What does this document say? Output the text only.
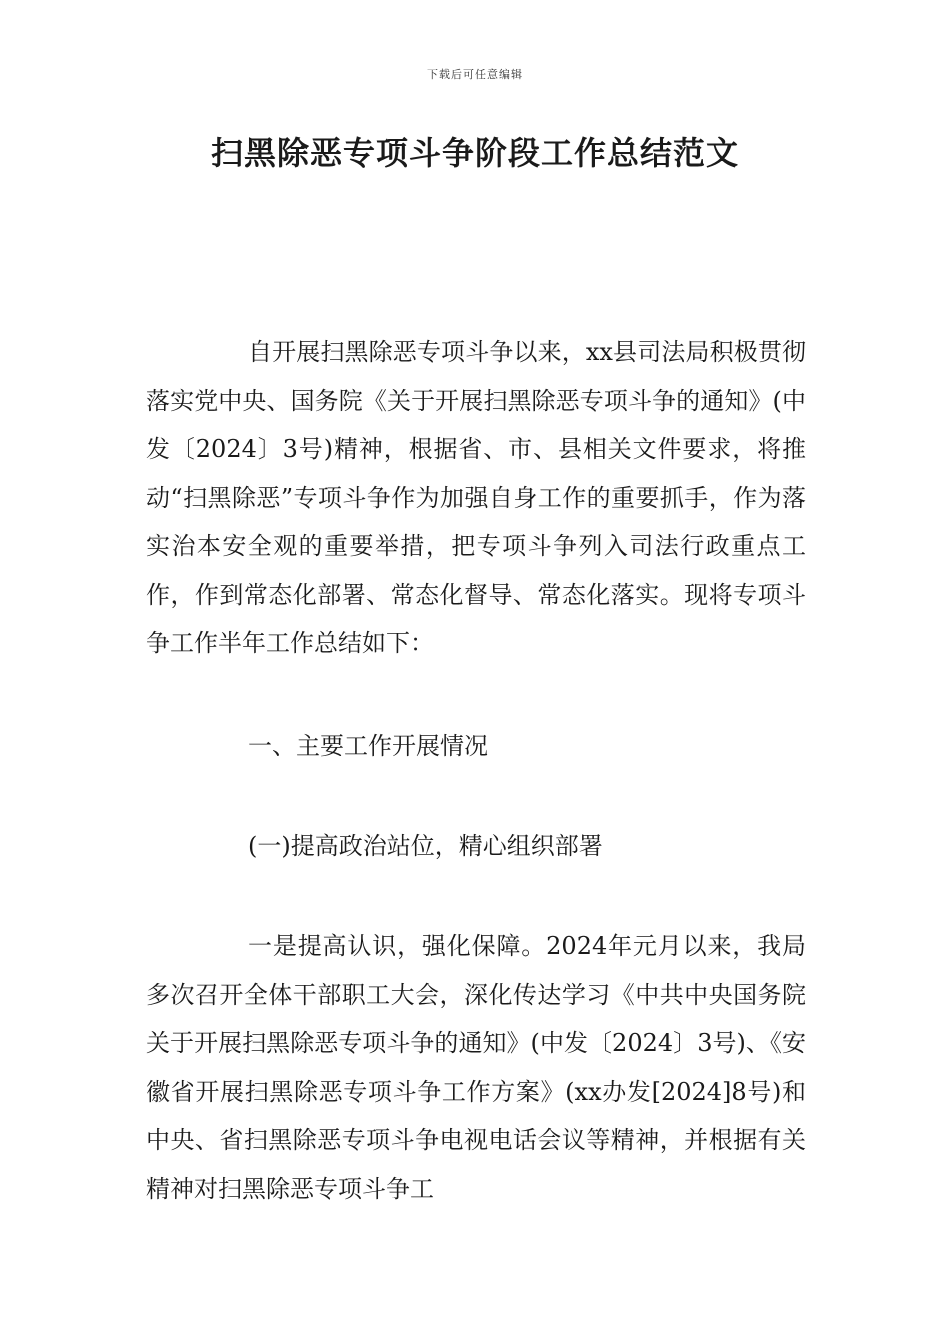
下载后可任意编辑
扫黑除恶专项斗争阶段工作总结范文

自开展扫黑除恶专项斗争以来，xx县司法局积极贯彻落实党中央、国务院《关于开展扫黑除恶专项斗争的通知》(中发〔2024〕3号)精神，根据省、市、县相关文件要求，将推动“扫黑除恶”专项斗争作为加强自身工作的重要抓手，作为落实治本安全观的重要举措，把专项斗争列入司法行政重点工作，作到常态化部署、常态化督导、常态化落实。现将专项斗争工作半年工作总结如下：

一、主要工作开展情况

(一)提高政治站位，精心组织部署

一是提高认识，强化保障。2024年元月以来，我局多次召开全体干部职工大会，深化传达学习《中共中央国务院关于开展扫黑除恶专项斗争的通知》(中发〔2024〕3号)、《安徽省开展扫黑除恶专项斗争工作方案》(xx办发[2024]8号)和中央、省扫黑除恶专项斗争电视电话会议等精神，并根据有关精神对扫黑除恶专项斗争工
